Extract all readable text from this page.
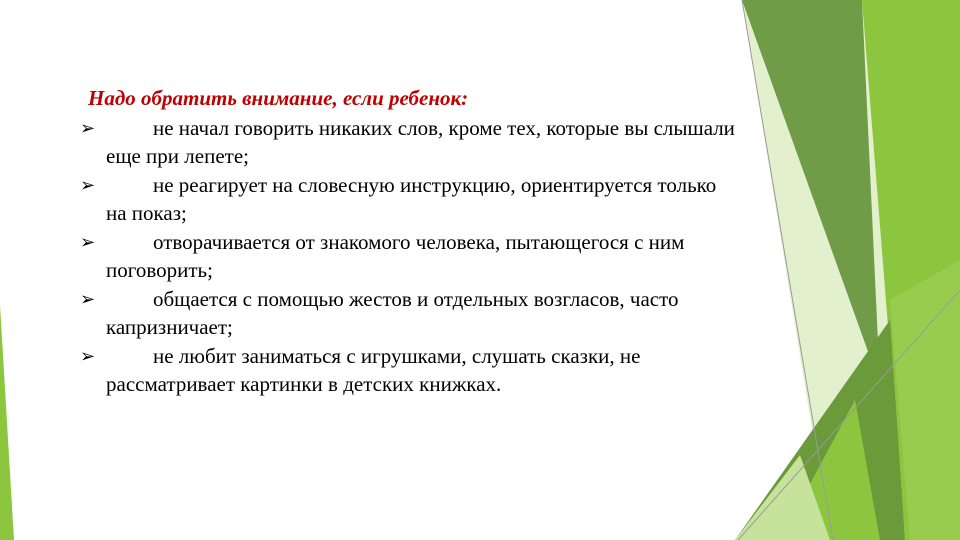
Надо обратить внимание, если ребенок:
➢	не начал говорить никаких слов, кроме тех, которые вы слышали еще при лепете;
➢	не реагирует на словесную инструкцию, ориентируется только на показ;
➢	отворачивается от знакомого человека, пытающегося с ним поговорить;
➢	общается с помощью жестов и отдельных возгласов, часто капризничает;
➢	не любит заниматься с игрушками, слушать сказки, не рассматривает картинки в детских книжках.
